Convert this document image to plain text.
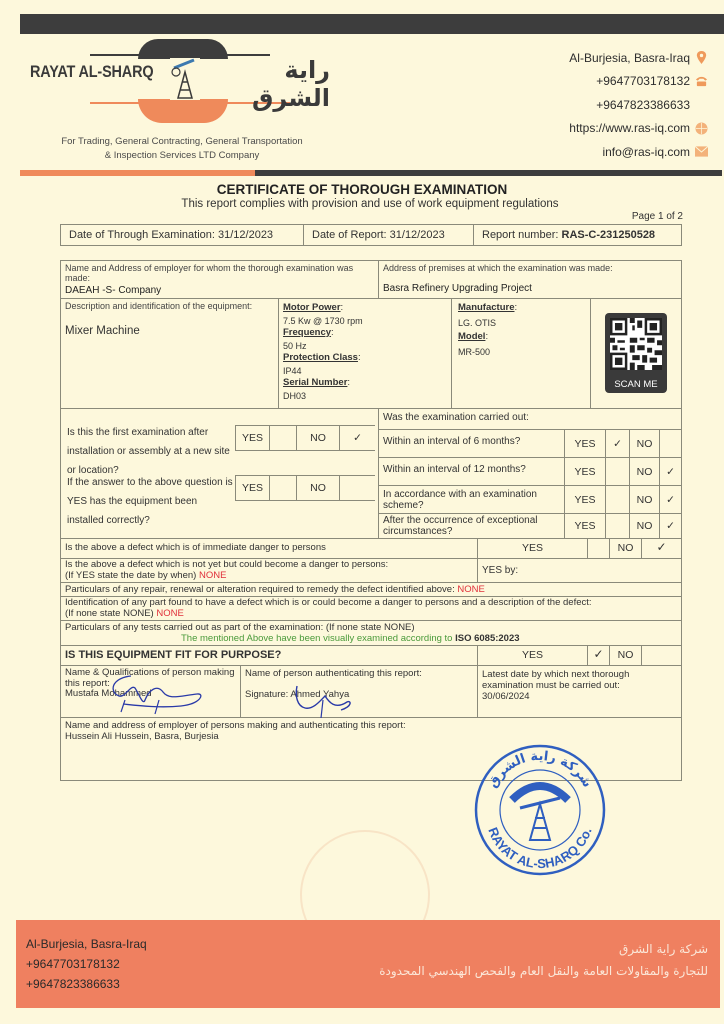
RAYAT AL-SHARQ	راية الشرق
For Trading, General Contracting, General Transportation
& Inspection Services LTD Company
Al-Burjesia, Basra-Iraq
+9647703178132
+9647823386633
https://www.ras-iq.com
info@ras-iq.com
CERTIFICATE OF THOROUGH EXAMINATION
This report complies with provision and use of work equipment regulations
Page 1 of 2
Date of Through Examination: 31/12/2023	Date of Report: 31/12/2023	Report number:
RAS-C-231250528
Name and Address of employer for whom the thorough examination was made:
DAEAH -S- Company
Address of premises at which the examination was made:
Basra Refinery Upgrading Project
Description and identification of the equipment:
Mixer Machine
Motor Power:
7.5 Kw @ 1730 rpm
Frequency:
50 Hz
Protection Class:
IP44
Serial Number:
DH03
Manufacture:
LG. OTIS
Model:
MR-500
SCAN ME
Is this the first examination after installation or assembly at a new site or location?
YES	NO	✓
If the answer to the above question is YES has the equipment been installed correctly?
YES	NO
Was the examination carried out:
Within an interval of 6 months?	YES	✓	NO
Within an interval of 12 months?	YES	NO	✓
In accordance with an examination scheme?	YES	NO	✓
After the occurrence of exceptional circumstances?	YES	NO	✓
Is the above a defect which is of immediate danger to persons	YES	NO	✓
Is the above a defect which is not yet but could become a danger to persons:
(If YES state the date by when) NONE	YES by:
Particulars of any repair, renewal or alteration required to remedy the defect identified above: NONE
Identification of any part found to have a defect which is or could become a danger to persons and a description of the defect:
(If none state NONE) NONE
Particulars of any tests carried out as part of the examination: (If none state NONE)
The mentioned Above have been visually examined according to ISO 6085:2023
IS THIS EQUIPMENT FIT FOR PURPOSE?	YES	✓	NO
Name & Qualifications of person making this report:
Mustafa Mohammed
Name of person authenticating this report:
Signature: Ahmed Yahya
Latest date by which next thorough examination must be carried out:
30/06/2024
Name and address of employer of persons making and authenticating this report:
Hussein Ali Hussein, Basra, Burjesia
شركة راية الشرق
RAYAT AL-SHARQ Co.
Al-Burjesia, Basra-Iraq
+9647703178132
+9647823386633
شركة راية الشرق
للتجارة والمقاولات العامة والنقل العام والفحص الهندسي المحدودة
